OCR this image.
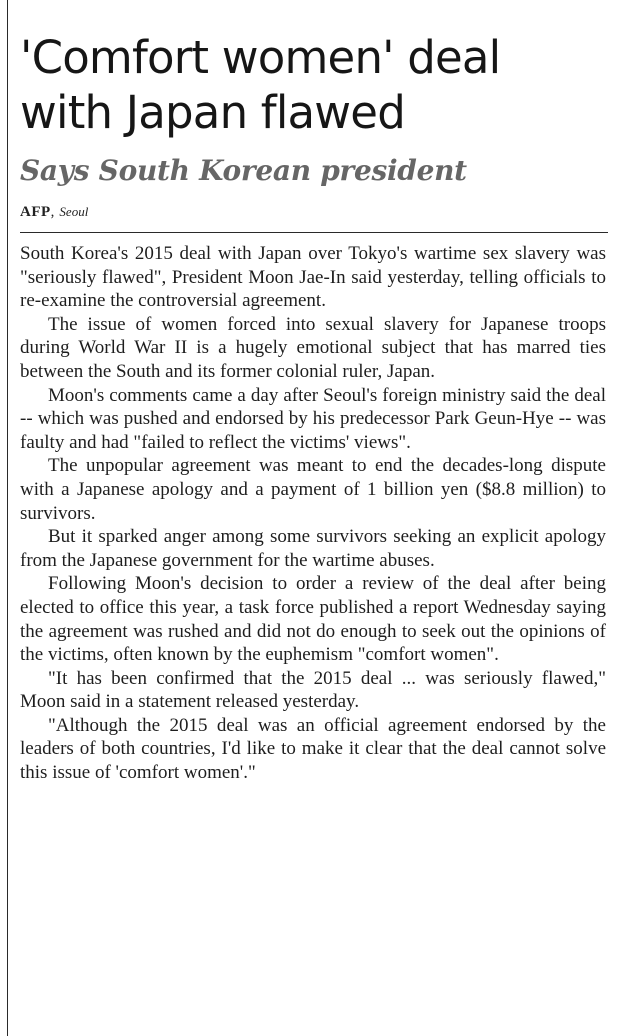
'Comfort women' deal
with Japan flawed
Says South Korean president
AFP, Seoul

South Korea's 2015 deal with Japan over Tokyo's wartime sex slavery was "seriously flawed", President Moon Jae-In said yesterday, telling officials to re-examine the controversial agreement.

The issue of women forced into sexual slavery for Japanese troops during World War II is a hugely emotional subject that has marred ties between the South and its former colonial ruler, Japan.

Moon's comments came a day after Seoul's foreign ministry said the deal -- which was pushed and endorsed by his predecessor Park Geun-Hye -- was faulty and had "failed to reflect the victims' views".

The unpopular agreement was meant to end the decades-long dispute with a Japanese apology and a payment of 1 billion yen ($8.8 million) to survivors.

But it sparked anger among some survivors seeking an explicit apology from the Japanese government for the wartime abuses.

Following Moon's decision to order a review of the deal after being elected to office this year, a task force published a report Wednesday saying the agreement was rushed and did not do enough to seek out the opinions of the victims, often known by the euphemism "comfort women".

"It has been confirmed that the 2015 deal ... was seriously flawed," Moon said in a statement released yesterday.

"Although the 2015 deal was an official agreement endorsed by the leaders of both countries, I'd like to make it clear that the deal cannot solve this issue of 'comfort women'."
